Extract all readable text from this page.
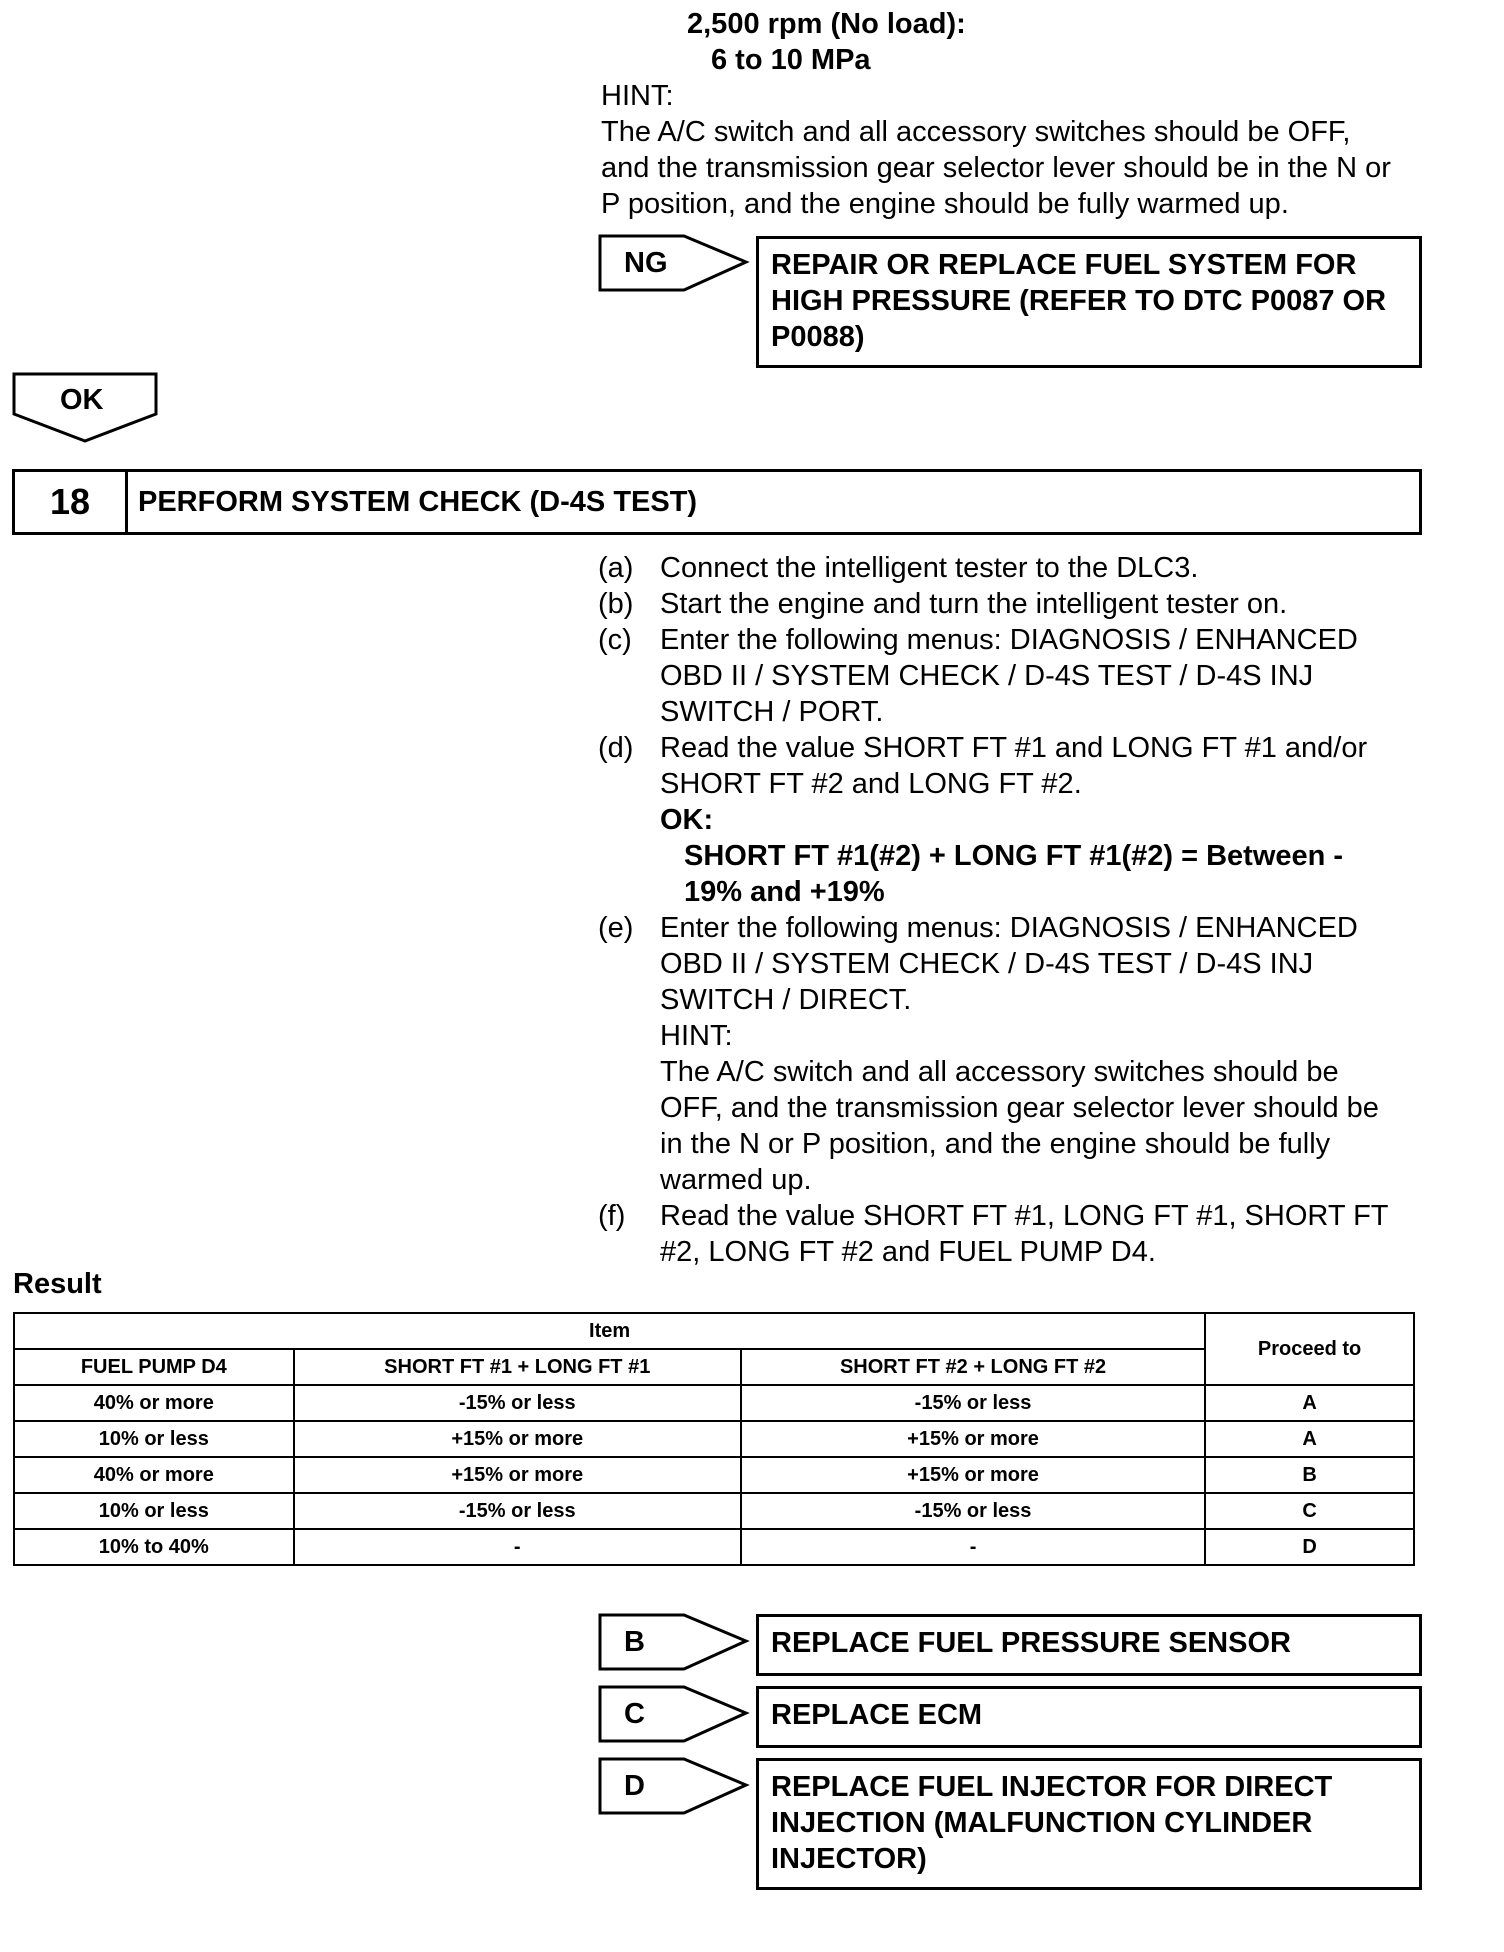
2,500 rpm (No load):
6 to 10 MPa
HINT:
The A/C switch and all accessory switches should be OFF,
and the transmission gear selector lever should be in the N or
P position, and the engine should be fully warmed up.
NG	REPAIR OR REPLACE FUEL SYSTEM FOR
HIGH PRESSURE (REFER TO DTC P0087 OR
P0088)
OK
18	PERFORM SYSTEM CHECK (D-4S TEST)
(a) Connect the intelligent tester to the DLC3.
(b) Start the engine and turn the intelligent tester on.
(c) Enter the following menus: DIAGNOSIS / ENHANCED
OBD II / SYSTEM CHECK / D-4S TEST / D-4S INJ
SWITCH / PORT.
(d) Read the value SHORT FT #1 and LONG FT #1 and/or
SHORT FT #2 and LONG FT #2.
OK:
SHORT FT #1(#2) + LONG FT #1(#2) = Between -
19% and +19%
(e) Enter the following menus: DIAGNOSIS / ENHANCED
OBD II / SYSTEM CHECK / D-4S TEST / D-4S INJ
SWITCH / DIRECT.
HINT:
The A/C switch and all accessory switches should be
OFF, and the transmission gear selector lever should be
in the N or P position, and the engine should be fully
warmed up.
(f)	Read the value SHORT FT #1, LONG FT #1, SHORT FT
#2, LONG FT #2 and FUEL PUMP D4.
Result
Item			Proceed to
FUEL PUMP D4	SHORT FT #1 + LONG FT #1	SHORT FT #2 + LONG FT #2	
40% or more	-15% or less	-15% or less	A
10% or less	+15% or more	+15% or more	A
40% or more	+15% or more	+15% or more	B
10% or less	-15% or less	-15% or less	C
10% to 40%	-	-	D
B	REPLACE FUEL PRESSURE SENSOR
C	REPLACE ECM
D	REPLACE FUEL INJECTOR FOR DIRECT
INJECTION (MALFUNCTION CYLINDER
INJECTOR)
